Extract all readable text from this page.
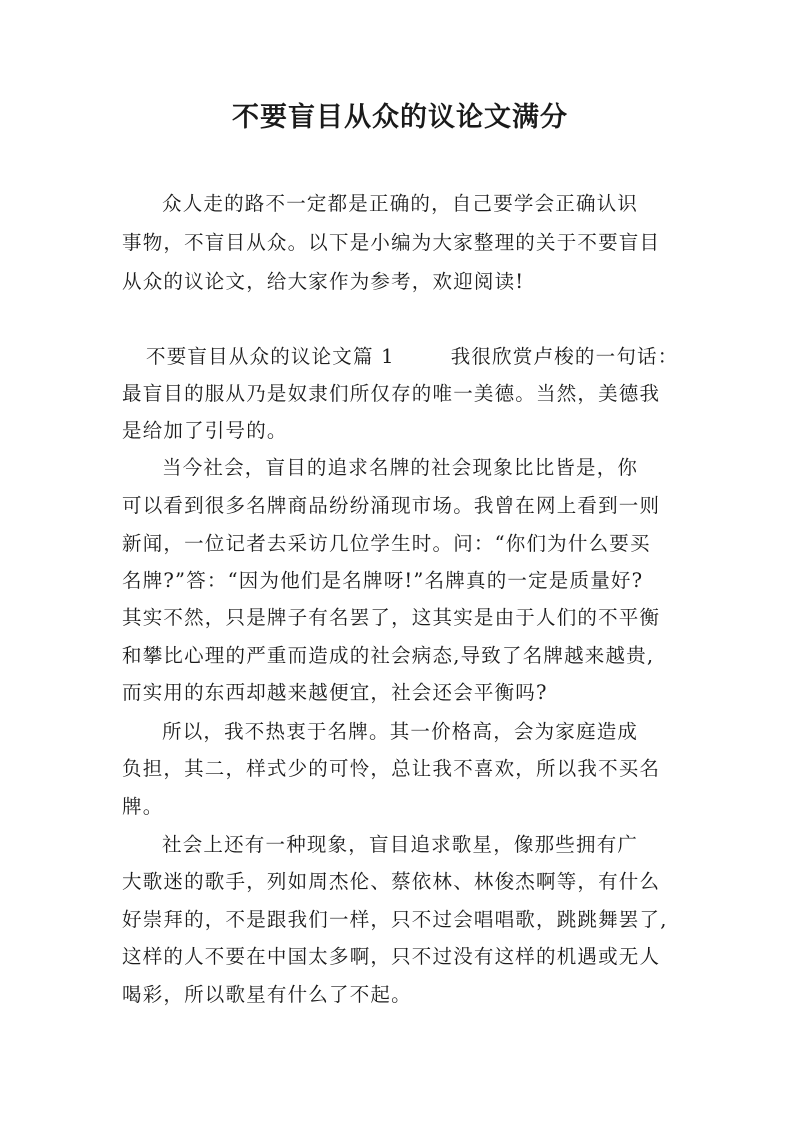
不要盲目从众的议论文满分

众人走的路不一定都是正确的，自己要学会正确认识

事物，不盲目从众。以下是小编为大家整理的关于不要盲目

从众的议论文，给大家作为参考，欢迎阅读!

不要盲目从众的议论文篇 1	我很欣赏卢梭的一句话：

最盲目的服从乃是奴隶们所仅存的唯一美德。当然，美德我

是给加了引号的。

当今社会，盲目的追求名牌的社会现象比比皆是，你

可以看到很多名牌商品纷纷涌现市场。我曾在网上看到一则

新闻，一位记者去采访几位学生时。问：“你们为什么要买

名牌?”答：“因为他们是名牌呀!”名牌真的一定是质量好?

其实不然，只是牌子有名罢了，这其实是由于人们的不平衡

和攀比心理的严重而造成的社会病态,导致了名牌越来越贵,

而实用的东西却越来越便宜，社会还会平衡吗?

所以，我不热衷于名牌。其一价格高，会为家庭造成

负担，其二，样式少的可怜，总让我不喜欢，所以我不买名

牌。

社会上还有一种现象，盲目追求歌星，像那些拥有广

大歌迷的歌手，列如周杰伦、蔡依林、林俊杰啊等，有什么

好崇拜的，不是跟我们一样，只不过会唱唱歌，跳跳舞罢了,

这样的人不要在中国太多啊，只不过没有这样的机遇或无人

喝彩，所以歌星有什么了不起。
